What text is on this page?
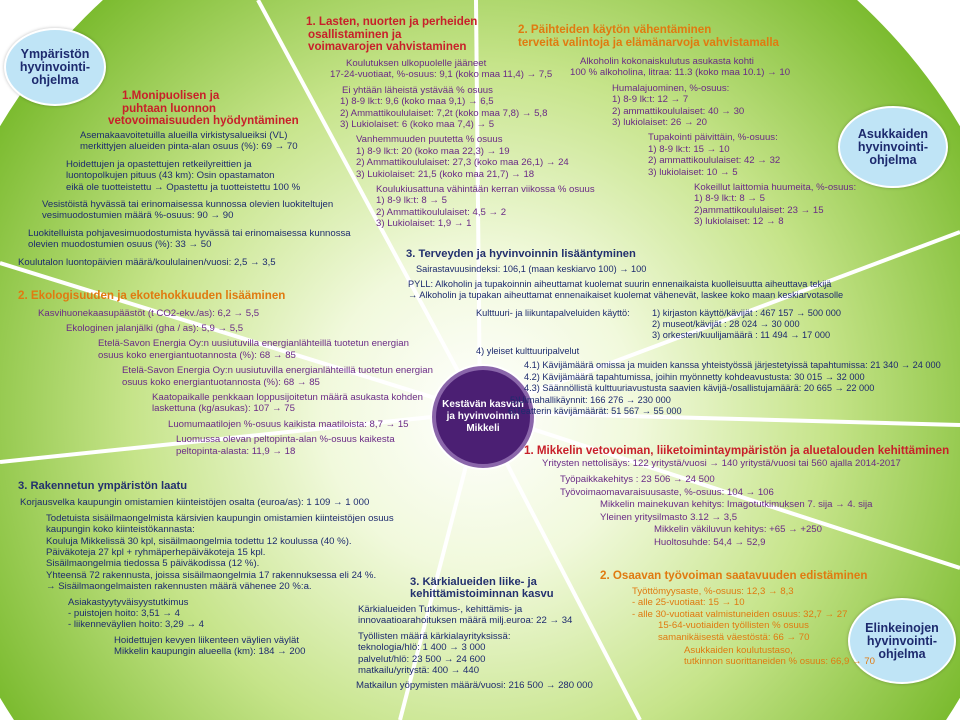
Ympäristön
hyvinvointi-
ohjelma
Asukkaiden
hyvinvointi-
ohjelma
Elinkeinojen
hyvinvointi-
ohjelma
Kestävän kasvun
ja hyvinvoinnin
Mikkeli
1.Monipuolisen ja
puhtaan luonnon
vetovoimaisuuden hyödyntäminen
Asemakaavoitetuilla alueilla virkistysalueiksi (VL)
merkittyjen alueiden pinta-alan osuus (%): 69 → 70
Hoidettujen ja opastettujen retkeilyreittien ja
luontopolkujen pituus (43 km): Osin opastamaton
eikä ole tuotteistettu → Opastettu ja tuotteistettu 100 %
Vesistöistä hyvässä tai erinomaisessa kunnossa olevien luokiteltujen
vesimuodostumien määrä %-osuus: 90 → 90
Luokitelluista pohjavesimuodostumista hyvässä tai erinomaisessa kunnossa
olevien muodostumien osuus (%): 33 → 50
Koulutalon luontopäivien määrä/koululainen/vuosi: 2,5 → 3,5
2. Ekologisuuden ja ekotehokkuuden lisääminen
Kasvihuonekaasupäästöt (t CO2-ekv./as): 6,2 → 5,5
Ekologinen jalanjälki (gha / as): 5,9 → 5,5
Etelä-Savon Energia Oy:n uusiutuvilla energianlähteillä tuotetun energian
osuus koko energiantuotannosta (%): 68 → 85
Etelä-Savon Energia Oy:n uusiutuvilla energianlähteillä tuotetun energian
osuus koko energiantuotannosta (%): 68 → 85
Kaatopaikalle penkkaan loppusijoitetun määrä asukasta kohden
laskettuna (kg/asukas): 107 → 75
Luomumaatilojen %-osuus kaikista maatiloista: 8,7 → 15
Luomussa olevan peltopinta-alan %-osuus kaikesta
peltopinta-alasta: 11,9 → 18
3. Rakennetun ympäristön laatu
Korjausvelka kaupungin omistamien kiinteistöjen osalta (euroa/as): 1 109 → 1 000
Todetuista sisäilmaongelmista kärsivien kaupungin omistamien kiinteistöjen osuus
kaupungin koko kiinteistökannasta:
Kouluja Mikkelissä 30 kpl, sisäilmaongelmia todettu 12 koulussa (40 %).
Päiväkoteja 27 kpl + ryhmäperhepäiväkoteja 15 kpl.
Sisäilmaongelmia tiedossa 5 päiväkodissa (12 %).
Yhteensä 72 rakennusta, joissa sisäilmaongelmia 17 rakennuksessa eli 24 %.
→ Sisäilmaongelmaisten rakennusten määrä vähenee 20 %:a.
Asiakastyytyväisyystutkimus
- puistojen hoito: 3,51 → 4
- liikenneväylien hoito: 3,29 → 4
Hoidettujen kevyen liikenteen väylien väylät
Mikkelin kaupungin alueella (km): 184 → 200
1. Lasten, nuorten ja perheiden
osallistaminen ja
voimavarojen vahvistaminen
Koulutuksen ulkopuolelle jääneet
17-24-vuotiaat, %-osuus: 9,1 (koko maa 11,4) → 7,5
Ei yhtään läheistä ystävää % osuus
1) 8-9 lk:t: 9,6 (koko maa 9,1) → 6,5
2) Ammattikoululaiset: 7,2t (koko maa 7,8) → 5,8
3) Lukiolaiset: 6 (koko maa 7,4) → 5
Vanhemmuuden puutetta % osuus
1) 8-9 lk:t: 20 (koko maa 22,3) → 19
2) Ammattikoululaiset: 27,3 (koko maa 26,1) → 24
3) Lukiolaiset: 21,5 (koko maa 21,7) → 18
Koulukiusattuna vähintään kerran viikossa % osuus
1) 8-9 lk:t: 8 → 5
2) Ammattikoululaiset: 4,5 → 2
3) Lukiolaiset: 1,9 → 1
2. Päihteiden käytön vähentäminen
terveitä valintoja ja elämänarvoja vahvistamalla
Alkoholin kokonaiskulutus asukasta kohti
100 % alkoholina, litraa: 11.3 (koko maa 10.1) → 10
Humalajuominen, %-osuus:
1) 8-9 lk:t: 12 → 7
2) ammattikoululaiset: 40 → 30
3) lukiolaiset: 26 → 20
Tupakointi päivittäin, %-osuus:
1) 8-9 lk:t: 15 → 10
2) ammattikoululaiset: 42 → 32
3) lukiolaiset: 10 → 5
Kokeillut laittomia huumeita, %-osuus:
1) 8-9 lk:t: 8 → 5
2)ammattikoululaiset: 23 → 15
3) lukiolaiset: 12 → 8
3. Terveyden ja hyvinvoinnin lisääntyminen
Sairastavuusindeksi: 106,1 (maan keskiarvo 100) → 100
PYLL: Alkoholin ja tupakoinnin aiheuttamat kuolemat suurin ennenaikaista kuolleisuutta aiheuttava tekijä
→ Alkoholin ja tupakan aiheuttamat ennenaikaiset kuolemat vähenevät, laskee koko maan keskiarvotasolle
Kulttuuri- ja liikuntapalveluiden käyttö: 1) kirjaston käyttö/kävijät : 467 157 → 500 000
2) museot/kävijät : 28 024 → 30 000
3) orkesteri/kuulijamäärä : 11 494 → 17 000
4) yleiset kulttuuripalvelut
4.1) Kävijämäärä omissa ja muiden kanssa yhteistyössä järjestetyissä tapahtumissa: 21 340 → 24 000
4.2) Kävijämäärä tapahtumissa, joihin myönnetty kohdeavustusta: 30 015 → 32 000
4.3) Säännöllistä kulttuuriavustusta saavien kävijä-/osallistujamäärä: 20 665 → 22 000
5)Uimahallikäynnit: 166 276 → 230 000
6)Teatterin kävijämäärät: 51 567 → 55 000
1. Mikkelin vetovoiman, liiketoimintaympäristön ja aluetalouden kehittäminen
Yritysten nettolisäys: 122 yritystä/vuosi → 140 yritystä/vuosi tai 560 ajalla 2014-2017
Työpaikkakehitys : 23 506 → 24 500
Työvoimaomavaraisuusaste, %-osuus: 104 → 106
Mikkelin mainekuvan kehitys: Imagotutkimuksen 7. sija → 4. sija
Yleinen yritysilmasto 3.12 → 3,5
Mikkelin väkiluvun kehitys: +65 → +250
Huoltosuhde: 54,4 → 52,9
2. Osaavan työvoiman saatavuuden edistäminen
Työttömyysaste, %-osuus: 12,3 → 8,3
- alle 25-vuotiaat: 15 → 10
- alle 30-vuotiaat valmistuneiden osuus: 32,7 → 27
15-64-vuotiaiden työllisten % osuus
samanikäisestä väestöstä: 66 → 70
Asukkaiden koulutustaso,
tutkinnon suorittaneiden % osuus: 66,9 → 70
3. Kärkialueiden liike- ja
kehittämistoiminnan kasvu
Kärkialueiden Tutkimus-, kehittämis- ja
innovaatioarahoituksen määrä milj.euroa: 22 → 34
Työllisten määrä kärkialayrityksissä:
teknologia/hlö: 1 400 → 3 000
palvelut/hlö: 23 500 → 24 600
matkailu/yritystä: 400 → 440
Matkailun yöpymisten määrä/vuosi: 216 500 → 280 000
